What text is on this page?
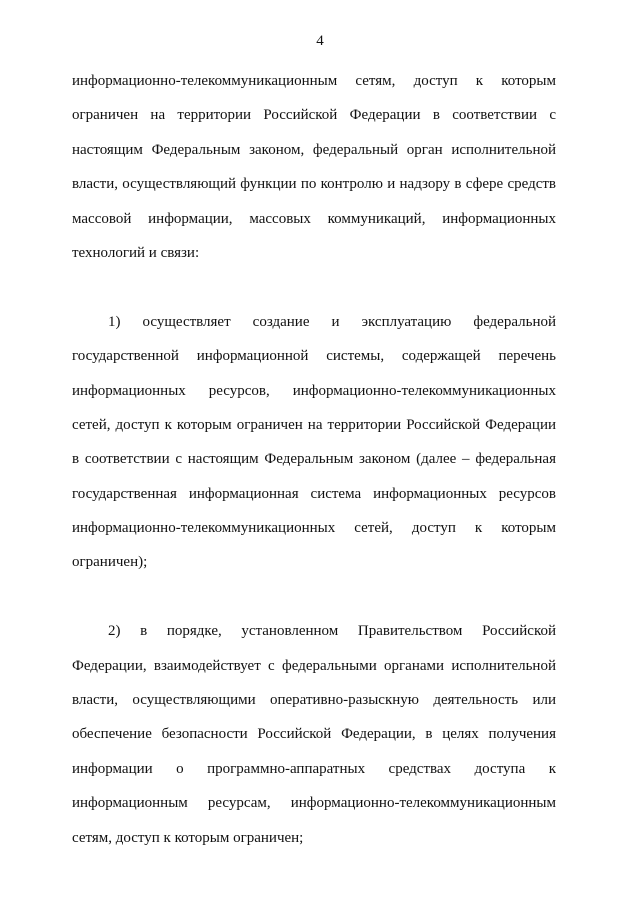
4
информационно-телекоммуникационным сетям, доступ к которым
ограничен на территории Российской Федерации в соответствии с
настоящим Федеральным законом, федеральный орган исполнительной
власти, осуществляющий функции по контролю и надзору в сфере средств
массовой информации, массовых коммуникаций, информационных
технологий и связи:
1) осуществляет создание и эксплуатацию федеральной
государственной информационной системы, содержащей перечень
информационных ресурсов, информационно-телекоммуникационных
сетей, доступ к которым ограничен на территории Российской Федерации
в соответствии с настоящим Федеральным законом (далее – федеральная
государственная информационная система информационных ресурсов
информационно-телекоммуникационных сетей, доступ к которым
ограничен);
2) в порядке, установленном Правительством Российской
Федерации, взаимодействует с федеральными органами исполнительной
власти, осуществляющими оперативно-разыскную деятельность или
обеспечение безопасности Российской Федерации, в целях получения
информации о программно-аппаратных средствах доступа к
информационным ресурсам, информационно-телекоммуникационным
сетям, доступ к которым ограничен;
